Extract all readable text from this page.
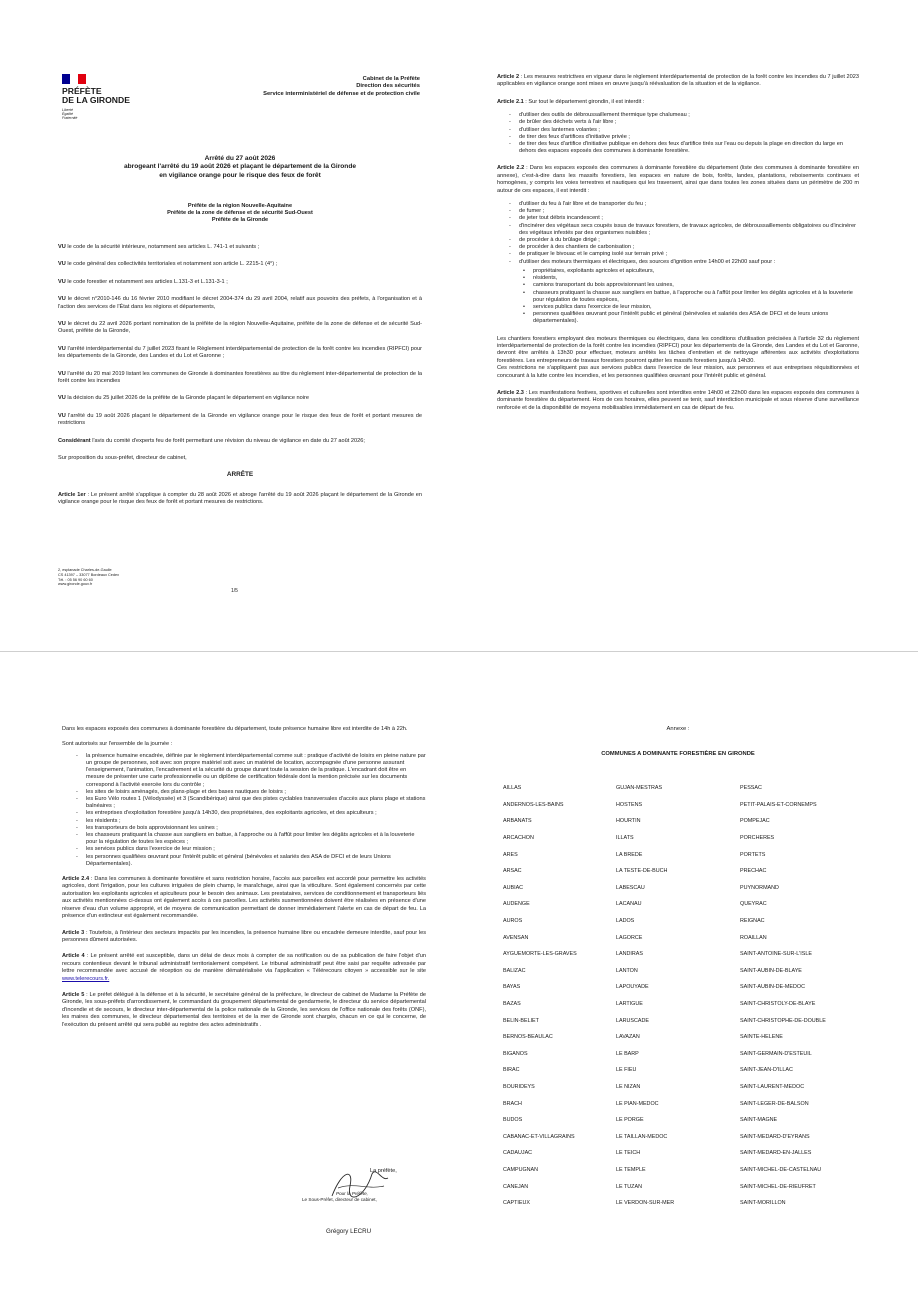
PRÉFÈTE
DE LA GIRONDE
Liberté
Égalité
Fraternité
Cabinet de la Préfète
Direction des sécurités
Service interministériel de défense et de protection civile
Arrêté du 27 août 2026
abrogeant l'arrêté du 19 août 2026 et plaçant le département de la Gironde
en vigilance orange pour le risque des feux de forêt
Préfète de la région Nouvelle-Aquitaine
Préfète de la zone de défense et de sécurité Sud-Ouest
Préfète de la Gironde

VU le code de la sécurité intérieure, notamment ses articles L. 741-1 et suivants ;

VU le code général des collectivités territoriales et notamment son article L. 2215-1 (4°) ;

VU le code forestier et notamment ses articles L.131-3 et L.131-3-1 ;

VU le décret n°2010-146 du 16 février 2010 modifiant le décret 2004-374 du 29 avril 2004, relatif aux pouvoirs des préfets, à l'organisation et à l'action des services de l'État dans les régions et départements,

VU le décret du 22 avril 2026 portant nomination de la préfète de la région Nouvelle-Aquitaine, préfète de la zone de défense et de sécurité Sud-Ouest, préfète de la Gironde,

VU l'arrêté interdépartemental du 7 juillet 2023 fixant le Règlement interdépartemental de protection de la forêt contre les incendies (RIPFCI) pour les départements de la Gironde, des Landes et du Lot et Garonne ;

VU l'arrêté du 20 mai 2019 listant les communes de Gironde à dominantes forestières au titre du règlement inter-départemental de protection de la forêt contre les incendies

VU la décision du 25 juillet 2026 de la préfète de la Gironde plaçant le département en vigilance noire

VU l'arrêté du 19 août 2026 plaçant le département de la Gironde en vigilance orange pour le risque des feux de forêt et portant mesures de restrictions

Considérant l'avis du comité d'experts feu de forêt permettant une révision du niveau de vigilance en date du 27 août 2026;

Sur proposition du sous-préfet, directeur de cabinet,

ARRÊTE

Article 1er : Le présent arrêté s'applique à compter du 28 août 2026 et abroge l'arrêté du 19 août 2026 plaçant le département de la Gironde en vigilance orange pour le risque des feux de forêt et portant mesures de restrictions.

2, esplanade Charles-de-Gaulle
CS 41397 – 33077 Bordeaux Cedex
Tél. : 05 56 90 60 60
www.gironde.gouv.fr
1/5

Article 2 : Les mesures restrictives en vigueur dans le règlement interdépartemental de protection de la forêt contre les incendies du 7 juillet 2023 applicables en vigilance orange sont mises en œuvre jusqu'à réévaluation de la situation et de la vigilance.

Article 2.1 : Sur tout le département girondin, il est interdit :

- d'utiliser des outils de débroussaillement thermique type chalumeau ;
- de brûler des déchets verts à l'air libre ;
- d'utiliser des lanternes volantes ;
- de tirer des feux d'artifices d'initiative privée ;
- de tirer des feux d'artifice d'initiative publique en dehors des feux d'artifice tirés sur l'eau ou depuis la plage en direction du large en dehors des espaces exposés des communes à dominante forestière.

Article 2.2 : Dans les espaces exposés des communes à dominante forestière du département (liste des communes à dominante forestière en annexe), c'est-à-dire dans les massifs forestiers, les espaces en nature de bois, forêts, landes, plantations, reboisements continues et homogènes, y compris les voies terrestres et nautiques qui les traversent, ainsi que dans toutes les zones situées dans un périmètre de 200 m autour de ces espaces, il est interdit :

- d'utiliser du feu à l'air libre et de transporter du feu ;
- de fumer ;
- de jeter tout débris incandescent ;
- d'incinérer des végétaux secs coupés issus de travaux forestiers, de travaux agricoles, de débroussaillements obligatoires ou d'incinérer des végétaux infestés par des organismes nuisibles ;
- de procéder à du brûlage dirigé ;
- de procéder à des chantiers de carbonisation ;
- de pratiquer le bivouac et le camping isolé sur terrain privé ;
- d'utiliser des moteurs thermiques et électriques, des sources d'ignition entre 14h00 et 22h00 sauf pour :
• propriétaires, exploitants agricoles et apiculteurs,
• résidents,
• camions transportant du bois approvisionnant les usines,
• chasseurs pratiquant la chasse aux sangliers en battue, à l'approche ou à l'affût pour limiter les dégâts agricoles et à la louveterie pour régulation de toutes espèces,
• services publics dans l'exercice de leur mission,
• personnes qualifiées œuvrant pour l'intérêt public et général (bénévoles et salariés des ASA de DFCI et de leurs unions départementales).

Les chantiers forestiers employant des moteurs thermiques ou électriques, dans les conditions d'utilisation précisées à l'article 32 du règlement interdépartemental de protection de la forêt contre les incendies (RIPFCI) pour les départements de la Gironde, des Landes et du Lot et Garonne, devront être arrêtés à 13h30 pour effectuer, moteurs arrêtés les tâches d'entretien et de nettoyage afférentes aux activités d'exploitations forestières. Les entrepreneurs de travaux forestiers pourront quitter les massifs forestiers jusqu'à 14h30.

Ces restrictions ne s'appliquent pas aux services publics dans l'exercice de leur mission, aux personnes et aux entreprises réquisitionnées et concourant à la lutte contre les incendies, et les personnes qualifiées œuvrant pour l'intérêt public et général.

Article 2.3 : Les manifestations festives, sportives et culturelles sont interdites entre 14h00 et 22h00 dans les espaces exposés des communes à dominante forestière du département. Hors de ces horaires, elles peuvent se tenir, sauf interdiction municipale et sous réserve d'une surveillance renforcée et de la disponibilité de moyens mobilisables immédiatement en cas de départ de feu.

Dans les espaces exposés des communes à dominante forestière du département, toute présence humaine libre est interdite de 14h à 22h.

Sont autorisés sur l'ensemble de la journée :

- la présence humaine encadrée, définie par le règlement interdépartemental comme suit : pratique d'activité de loisirs en pleine nature par un groupe de personnes, soit avec son propre matériel soit avec un matériel de location, accompagnée d'une personne assurant l'enseignement, l'animation, l'encadrement et la sécurité du groupe durant toute la session de la pratique. L'encadrant doit être en mesure de présenter une carte professionnelle ou un diplôme de certification fédérale dont la mention précisée sur les documents correspond à l'activité exercée lors du contrôle ;
- les sites de loisirs aménagés, des plans-plage et des bases nautiques de loisirs ;
- les Euro Vélo routes 1 (Vélodyssée) et 3 (Scandibérique) ainsi que des pistes cyclables transversales d'accès aux plans plage et stations balnéaires ;
- les entreprises d'exploitation forestière jusqu'à 14h30, des propriétaires, des exploitants agricoles, et des apiculteurs ;
- les résidents ;
- les transporteurs de bois approvisionnant les usines ;
- les chasseurs pratiquant la chasse aux sangliers en battue, à l'approche ou à l'affût pour limiter les dégâts agricoles et à la louveterie pour la régulation de toutes les espèces ;
- les services publics dans l'exercice de leur mission ;
- les personnes qualifiées œuvrant pour l'intérêt public et général (bénévoles et salariés des ASA de DFCI et de leurs Unions Départementales).

Article 2.4 : Dans les communes à dominante forestière et sans restriction horaire, l'accès aux parcelles est accordé pour permettre les activités agricoles, dont l'irrigation, pour les cultures irriguées de plein champ, le maraîchage, ainsi que la viticulture. Sont également concernés par cette autorisation les exploitants agricoles et apiculteurs pour le besoin des animaux. Les prestataires, services de conditionnement et transporteurs liés aux activités mentionnées ci-dessus ont également accès à ces parcelles. Les activités susmentionnées doivent être réalisées en présence d'une réserve d'eau d'un volume approprié, et de moyens de communication permettant de donner immédiatement l'alerte en cas de départ de feu. La présence d'un extincteur est également recommandée.

Article 3 : Toutefois, à l'intérieur des secteurs impactés par les incendies, la présence humaine libre ou encadrée demeure interdite, sauf pour les personnes dûment autorisées.

Article 4 : Le présent arrêté est susceptible, dans un délai de deux mois à compter de sa notification ou de sa publication de faire l'objet d'un recours contentieux devant le tribunal administratif territorialement compétent. Le tribunal administratif peut être saisi par requête adressée par lettre recommandée avec accusé de réception ou de manière dématérialisée via l'application « Télérecours citoyen » accessible sur le site www.telerecours.fr.

Article 5 : Le préfet délégué à la défense et à la sécurité, le secrétaire général de la préfecture, le directeur de cabinet de Madame la Préfète de Gironde, les sous-préfets d'arrondissement, le commandant du groupement départemental de gendarmerie, le directeur du service départemental d'incendie et de secours, le directeur inter-départemental de la police nationale de la Gironde, les services de l'office nationale des forêts (ONF), les maires des communes, le directeur départemental des territoires et de la mer de Gironde sont chargés, chacun en ce qui le concerne, de l'exécution du présent arrêté qui sera publié au registre des actes administratifs .

La préfète,
Pour la Préfète,
Le Sous-Préfet, directeur de cabinet,
Grégory LECRU
Annexe :
COMMUNES A DOMINANTE FORESTIÈRE EN GIRONDE
AILLAS	GUJAN-MESTRAS	PESSAC
ANDERNOS-LES-BAINS	HOSTENS	PETIT-PALAIS-ET-CORNEMPS
ARBANATS	HOURTIN	POMPEJAC
ARCACHON	ILLATS	PORCHERES
ARES	LA BREDE	PORTETS
ARSAC	LA TESTE-DE-BUCH	PRECHAC
AUBIAC	LABESCAU	PUYNORMAND
AUDENGE	LACANAU	QUEYRAC
AUROS	LADOS	REIGNAC
AVENSAN	LAGORCE	ROAILLAN
AYGUEMORTE-LES-GRAVES	LANDIRAS	SAINT-ANTOINE-SUR-L'ISLE
BALIZAC	LANTON	SAINT-AUBIN-DE-BLAYE
BAYAS	LAPOUYADE	SAINT-AUBIN-DE-MEDOC
BAZAS	LARTIGUE	SAINT-CHRISTOLY-DE-BLAYE
BELIN-BELIET	LARUSCADE	SAINT-CHRISTOPHE-DE-DOUBLE
BERNOS-BEAULAC	LAVAZAN	SAINTE-HELENE
BIGANOS	LE BARP	SAINT-GERMAIN-D'ESTEUIL
BIRAC	LE FIEU	SAINT-JEAN-D'ILLAC
BOURIDEYS	LE NIZAN	SAINT-LAURENT-MEDOC
BRACH	LE PIAN-MEDOC	SAINT-LEGER-DE-BALSON
BUDOS	LE PORGE	SAINT-MAGNE
CABANAC-ET-VILLAGRAINS	LE TAILLAN-MEDOC	SAINT-MEDARD-D'EYRANS
CADAUJAC	LE TEICH	SAINT-MEDARD-EN-JALLES
CAMPUGNAN	LE TEMPLE	SAINT-MICHEL-DE-CASTELNAU
CANEJAN	LE TUZAN	SAINT-MICHEL-DE-RIEUFRET
CAPTIEUX	LE VERDON-SUR-MER	SAINT-MORILLON
